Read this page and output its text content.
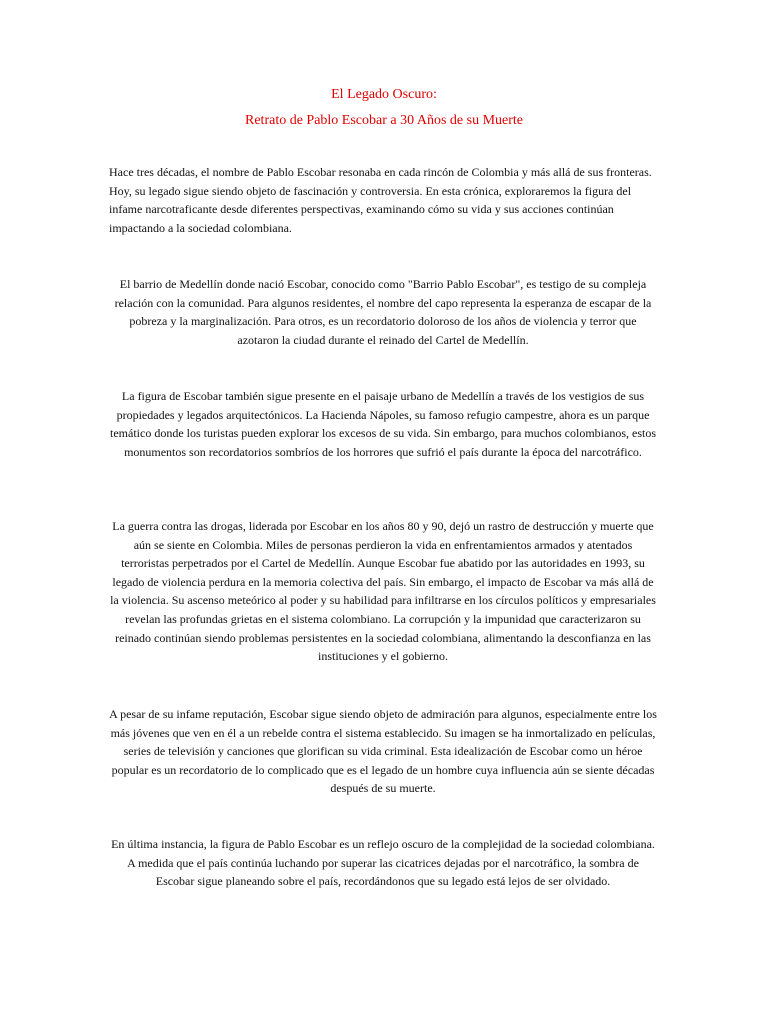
El Legado Oscuro:
Retrato de Pablo Escobar a 30 Años de su Muerte

Hace tres décadas, el nombre de Pablo Escobar resonaba en cada rincón de Colombia y más allá de sus fronteras. Hoy, su legado sigue siendo objeto de fascinación y controversia. En esta crónica, exploraremos la figura del infame narcotraficante desde diferentes perspectivas, examinando cómo su vida y sus acciones continúan impactando a la sociedad colombiana.

El barrio de Medellín donde nació Escobar, conocido como "Barrio Pablo Escobar", es testigo de su compleja relación con la comunidad. Para algunos residentes, el nombre del capo representa la esperanza de escapar de la pobreza y la marginalización. Para otros, es un recordatorio doloroso de los años de violencia y terror que azotaron la ciudad durante el reinado del Cartel de Medellín.

La figura de Escobar también sigue presente en el paisaje urbano de Medellín a través de los vestigios de sus propiedades y legados arquitectónicos. La Hacienda Nápoles, su famoso refugio campestre, ahora es un parque temático donde los turistas pueden explorar los excesos de su vida. Sin embargo, para muchos colombianos, estos monumentos son recordatorios sombríos de los horrores que sufrió el país durante la época del narcotráfico.

La guerra contra las drogas, liderada por Escobar en los años 80 y 90, dejó un rastro de destrucción y muerte que aún se siente en Colombia. Miles de personas perdieron la vida en enfrentamientos armados y atentados terroristas perpetrados por el Cartel de Medellín. Aunque Escobar fue abatido por las autoridades en 1993, su legado de violencia perdura en la memoria colectiva del país. Sin embargo, el impacto de Escobar va más allá de la violencia. Su ascenso meteórico al poder y su habilidad para infiltrarse en los círculos políticos y empresariales revelan las profundas grietas en el sistema colombiano. La corrupción y la impunidad que caracterizaron su reinado continúan siendo problemas persistentes en la sociedad colombiana, alimentando la desconfianza en las instituciones y el gobierno.

A pesar de su infame reputación, Escobar sigue siendo objeto de admiración para algunos, especialmente entre los más jóvenes que ven en él a un rebelde contra el sistema establecido. Su imagen se ha inmortalizado en películas, series de televisión y canciones que glorifican su vida criminal. Esta idealización de Escobar como un héroe popular es un recordatorio de lo complicado que es el legado de un hombre cuya influencia aún se siente décadas después de su muerte.

En última instancia, la figura de Pablo Escobar es un reflejo oscuro de la complejidad de la sociedad colombiana. A medida que el país continúa luchando por superar las cicatrices dejadas por el narcotráfico, la sombra de Escobar sigue planeando sobre el país, recordándonos que su legado está lejos de ser olvidado.
